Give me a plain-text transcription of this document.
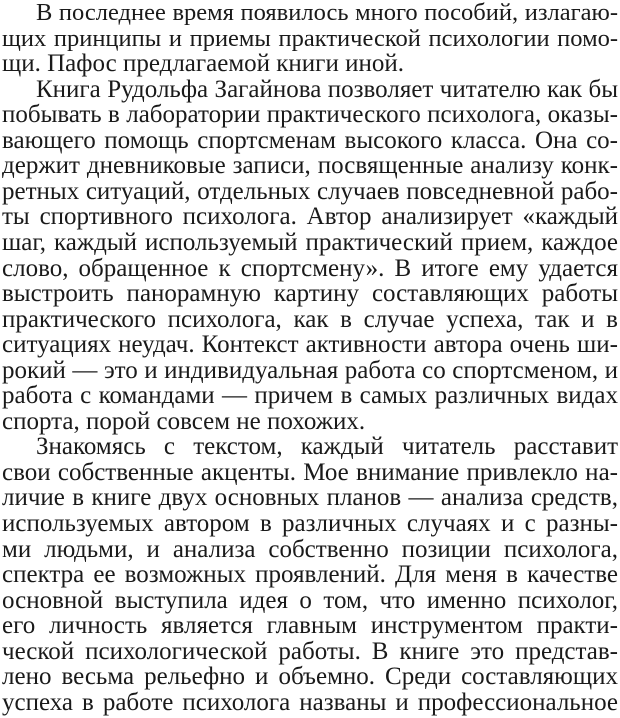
В последнее время появилось много пособий, излагаю-
щих принципы и приемы практической психологии помо-
щи. Пафос предлагаемой книги иной.
Книга Рудольфа Загайнова позволяет читателю как бы
побывать в лаборатории практического психолога, оказы-
вающего помощь спортсменам высокого класса. Она со-
держит дневниковые записи, посвященные анализу конк-
ретных ситуаций, отдельных случаев повседневной рабо-
ты спортивного психолога. Автор анализирует «каждый
шаг, каждый используемый практический прием, каждое
слово, обращенное к спортсмену». В итоге ему удается
выстроить панорамную картину составляющих работы
практического психолога, как в случае успеха, так и в
ситуациях неудач. Контекст активности автора очень ши-
рокий — это и индивидуальная работа со спортсменом, и
работа с командами — причем в самых различных видах
спорта, порой совсем не похожих.
Знакомясь с текстом, каждый читатель расставит
свои собственные акценты. Мое внимание привлекло на-
личие в книге двух основных планов — анализа средств,
используемых автором в различных случаях и с разны-
ми людьми, и анализа собственно позиции психолога,
спектра ее возможных проявлений. Для меня в качестве
основной выступила идея о том, что именно психолог,
его личность является главным инструментом практи-
ческой психологической работы. В книге это представ-
лено весьма рельефно и объемно. Среди составляющих
успеха в работе психолога названы и профессиональное
